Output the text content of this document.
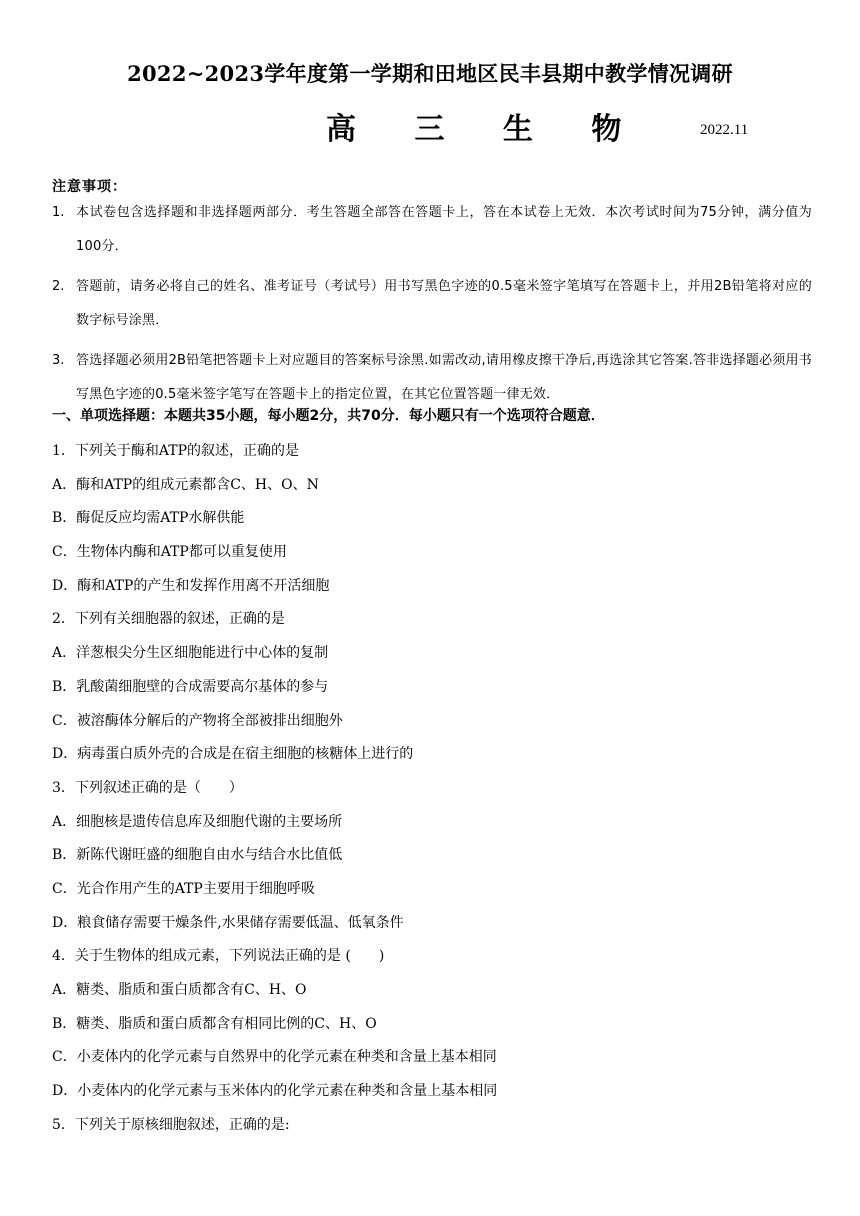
2022~2023学年度第一学期和田地区民丰县期中教学情况调研
高 三 生 物	2022.11
注意事项：
1. 本试卷包含选择题和非选择题两部分．考生答题全部答在答题卡上，答在本试卷上无效．本次考试时间为75分钟，满分值为100分．
2. 答题前，请务必将自己的姓名、准考证号（考试号）用书写黑色字迹的0.5毫米签字笔填写在答题卡上，并用2B铅笔将对应的数字标号涂黑．
3. 答选择题必须用2B铅笔把答题卡上对应题目的答案标号涂黑.如需改动,请用橡皮擦干净后,再选涂其它答案.答非选择题必须用书写黑色字迹的0.5毫米签字笔写在答题卡上的指定位置，在其它位置答题一律无效．
一、单项选择题：本题共35小题，每小题2分，共70分．每小题只有一个选项符合题意．
1．下列关于酶和ATP的叙述，正确的是
A．酶和ATP的组成元素都含C、H、O、N
B．酶促反应均需ATP水解供能
C．生物体内酶和ATP都可以重复使用
D．酶和ATP的产生和发挥作用离不开活细胞
2．下列有关细胞器的叙述，正确的是
A．洋葱根尖分生区细胞能进行中心体的复制
B．乳酸菌细胞壁的合成需要高尔基体的参与
C．被溶酶体分解后的产物将全部被排出细胞外
D．病毒蛋白质外壳的合成是在宿主细胞的核糖体上进行的
3．下列叙述正确的是（　　）
A．细胞核是遗传信息库及细胞代谢的主要场所
B．新陈代谢旺盛的细胞自由水与结合水比值低
C．光合作用产生的ATP主要用于细胞呼吸
D．粮食储存需要干燥条件,水果储存需要低温、低氧条件
4．关于生物体的组成元素，下列说法正确的是 (　　)
A．糖类、脂质和蛋白质都含有C、H、O
B．糖类、脂质和蛋白质都含有相同比例的C、H、O
C．小麦体内的化学元素与自然界中的化学元素在种类和含量上基本相同
D．小麦体内的化学元素与玉米体内的化学元素在种类和含量上基本相同
5．下列关于原核细胞叙述，正确的是:
